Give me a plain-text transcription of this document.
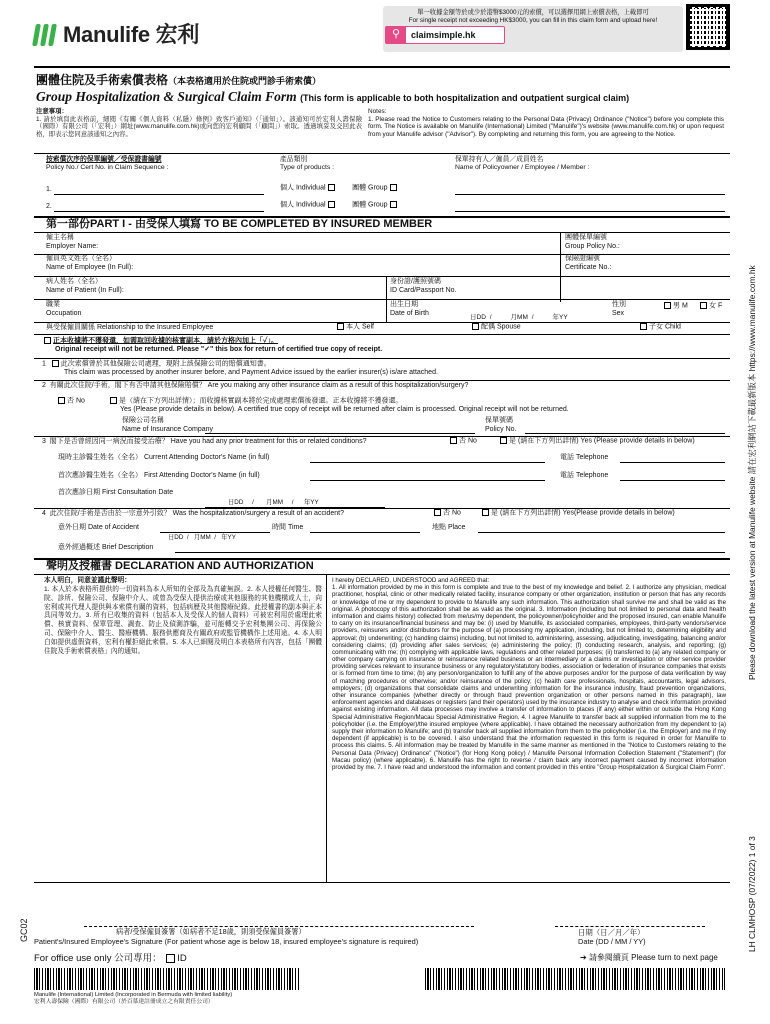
Manulife 宏利
單一收據金額等於或少於港幣$3000元的索償，可以選擇用網上索償表格，上載即可
For single receipt not exceeding HK$3000, you can fill in this claim form and upload here!
⚲	claimsimple.hk
團體住院及手術索償表格（本表格適用於住院或門診手術索償）
Group Hospitalization & Surgical Claim Form (This form is applicable to both hospitalization and outpatient surgical claim)
注意事項：
1. 請於填寫此表格前，細閱《有關《個人資料（私隱）條例》致客戶通知》（「通知」）。該通知可於宏利人壽保險（國際）有限公司（「宏利」）網址(www.manulife.com.hk)或向您的宏利顧問（「顧問」）索取。透過填妥及交回此表格，即表示您同意該通知之內容。
Notes:
1. Please read the Notice to Customers relating to the Personal Data (Privacy) Ordinance ("Notice") before you complete this form. The Notice is available on Manulife (International) Limited ("Manulife")'s website (www.manulife.com.hk) or upon request from your Manulife advisor ("Advisor"). By completing and returning this form, you are agreeing to the Notice.
按索償次序的保單編號／受保證書編號
Policy No./ Cert No. in Claim Sequence :
產品類別
Type of products :
保單持有人／僱員／成員姓名
Name of Policyowner / Employee / Member :
1.	個人 Individual	團體 Group
2.	個人 Individual	團體 Group
第一部份PART I - 由受保人填寫 TO BE COMPLETED BY INSURED MEMBER
僱主名稱
Employer Name:
團體保單編號
Group Policy No.:
僱員英文姓名（全名）
Name of Employee (In Full):
保險證編號
Certificate No.:
病人姓名（全名）
Name of Patient (In Full):
身份證/護照號碼
ID Card/Passport No.
職業
Occupation
出生日期
Date of Birth
日DD /     月MM /     年YY
性別
Sex
男 M	女 F
與受保僱員關係 Relationship to the Insured Employee	本人 Self	配偶 Spouse	子女 Child
正本收據將不獲發還，如需取回收據的核實副本，請於方格內加上「✓」。
Original receipt will not be returned. Please "✓" this box for return of certified true copy of receipt.
1  此次索償曾於其他保險公司處理，現附上該保險公司的賠償通知書。
This claim was processed by another insurer before, and Payment Advice issued by the earlier insurer(s) is/are attached.
2  有關此次住院/手術，閣下有否申請其他保險賠償？ Are you making any other insurance claim as a result of this hospitalization/surgery?
否 No	是（請在下方列出詳情）；而收據核實副本將於完成處理索償後發還。正本收據將不獲發還。
Yes (Please provide details in below). A certified true copy of receipt will be returned after claim is processed. Original receipt will not be returned.
保險公司名稱
Name of Insurance Company
保單號碼
Policy No.
3  閣下是否曾經因同一病況而接受治療？ Have you had any prior treatment for this or related conditions?	否 No	是 (請在下方列出詳情) Yes (Please provide details in below)
現時主診醫生姓名（全名） Current Attending Doctor's Name (in full)	電話 Telephone
首次應診醫生姓名（全名） First Attending Doctor's Name (in full)	電話 Telephone
首次應診日期 First Consultation Date
日DD     /       月MM     /      年YY
4  此次住院/手術是否由於一宗意外引致？ Was the hospitalization/surgery a result of an accident?	否 No	是 (請在下方列出詳情) Yes(Please provide details in below)
意外日期 Date of Accident
日DD  /   月MM  /   年YY
時間 Time	地點 Place
意外經過概述 Brief Description
聲明及授權書 DECLARATION AND AUTHORIZATION
本人明白，同意並謹此聲明：
1. 本人於本表格所提供的一切資料為本人所知的全部及為真確無誤。2. 本人授權任何醫生、醫院、診所、保險公司、保險中介人、或曾為受保人提供治療或其他服務的其他機構或人士，向宏利或其代理人提供與本索償有關的資料，包括病歷及其他醫療紀錄。此授權書的副本與正本具同等效力。3. 所有已收集的資料（包括本人及受保人的個人資料）可被宏利用於處理此索償、核實資料、保單管理、調查、防止及偵測詐騙，並可能轉交予宏利集團公司、再保險公司、保險中介人、醫生、醫療機構、服務供應商及有關政府或監管機構作上述用途。4. 本人明白如提供虛假資料，宏利有權拒絕此索償。5. 本人已細閱及明白本表格所有內容，包括「團體住院及手術索償表格」內的通知。
I hereby DECLARED, UNDERSTOOD and AGREED that:
1. All information provided by me in this form is complete and true to the best of my knowledge and belief. 2. I authorize any physician, medical practitioner, hospital, clinic or other medically related facility, insurance company or other organization, institution or person that has any records or knowledge of me or my dependent to provide to Manulife any such information. This authorization shall survive me and shall be valid as the original. A photocopy of this authorization shall be as valid as the original. 3. Information (including but not limited to personal data and health information and claims history) collected from me/us/my dependent, the policyowner/policyholder and the proposed insured, can enable Manulife to carry on its insurance/financial business and may be: (i) used by Manulife, its associated companies, employees, third-party vendors/service providers, reinsurers and/or distributors for the purpose of (a) processing my application, including, but not limited to, determining eligibility and approval; (b) underwriting; (c) handling claims) including, but not limited to, administering, assessing, adjudicating, investigating, balancing and/or considering claims; (d) providing after sales services; (e) administering the policy; (f) conducting research, analysis, and reporting; (g) communicating with me; (h) complying with applicable laws, regulations and other related purposes; (ii) transferred to (a) any related company or other company carrying on insurance or reinsurance related business or an intermediary or a claims or investigation or other service provider providing services relevant to insurance business or any regulatory/statutory bodies, association or federation of insurance companies that exists or is formed from time to time; (b) any person/organization to fulfill any of the above purposes and/or for the purpose of data verification by way of matching procedures or otherwise; and/or reinsurance of the policy; (c) health care professionals, hospitals, accountants, legal advisors, employers; (d) organizations that consolidate claims and underwriting information for the insurance industry, fraud prevention organizations, other insurance companies (whether directly or through fraud prevention organization or other persons named in this paragraph), law enforcement agencies and databases or registers (and their operators) used by the insurance industry to analyse and check information provided against existing information. All data processes may involve a transfer of information to places (if any) either within or outside the Hong Kong Special Administrative Region/Macau Special Administrative Region. 4. I agree Manulife to transfer back all supplied information from me to the policyholder (i.e. the Employer)/the insured employee (where applicable). I have obtained the necessary authorization from my dependent to (a) supply their information to Manulife; and (b) transfer back all supplied information from them to the policyholder (i.e. the Employer) and me if my dependent (if applicable) is to be covered. I also understand that the information requested in this form is required in order for Manulife to process this claims. 5. All information may be treated by Manulife in the same manner as mentioned in the "Notice to Customers relating to the Personal Data (Privacy) Ordinance" ("Notice") (for Hong Kong policy) / Manulife Personal Information Collection Statement ("Statement") (for Macau policy) (where applicable). 6. Manulife has the right to reverse / claim back any incorrect payment caused by incorrect information provided by me. 7. I have read and understood the information and content provided in this entire "Group Hospitalization & Surgical Claim Form".
病者/受保僱員簽署（如病者不足18歲，則須受保僱員簽署）
Patient's/Insured Employee's Signature (For patient whose age is below 18, insured employee's signature is required)
日期（日／月／年）
Date (DD / MM / YY)
For office use only 公司專用： ID	➔ 請參閱續頁 Please turn to next page
Manulife (International) Limited (Incorporated in Bermuda with limited liability)
宏利人壽保險（國際）有限公司（於百慕達註冊成立之有限責任公司）
Please download the latest version at Manulife website 請在宏利網站下載最新版本 https://www.manulife.com.hk
LH CLMHOSP (07/2022) 1 of 3
GC02
